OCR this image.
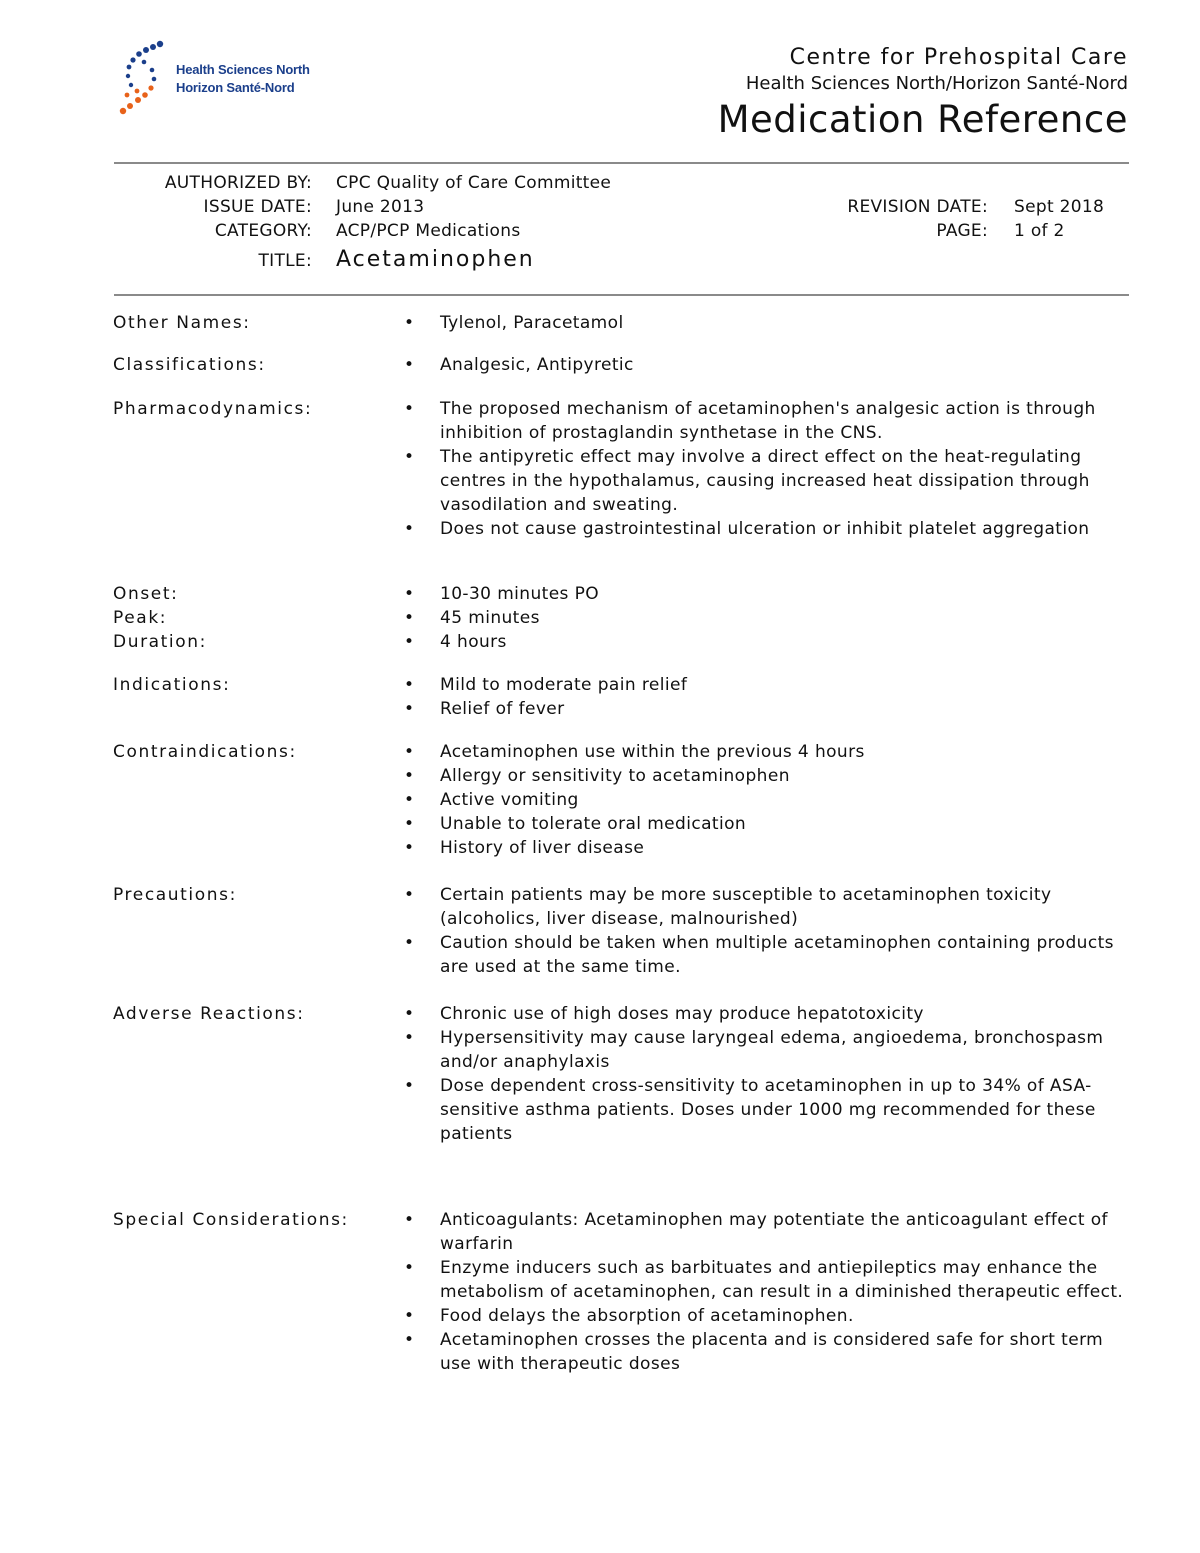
Health Sciences North
Horizon Santé-Nord
Centre for Prehospital Care
Health Sciences North/Horizon Santé-Nord
Medication Reference
AUTHORIZED BY: CPC Quality of Care Committee
ISSUE DATE: June 2013	REVISION DATE: Sept 2018
CATEGORY: ACP/PCP Medications	PAGE: 1 of 2
TITLE: Acetaminophen
Other Names:	• Tylenol, Paracetamol
Classifications:	• Analgesic, Antipyretic
Pharmacodynamics:	• The proposed mechanism of acetaminophen's analgesic action is through inhibition of prostaglandin synthetase in the CNS.
• The antipyretic effect may involve a direct effect on the heat-regulating centres in the hypothalamus, causing increased heat dissipation through vasodilation and sweating.
• Does not cause gastrointestinal ulceration or inhibit platelet aggregation
Onset:	• 10-30 minutes PO
Peak:	• 45 minutes
Duration:	• 4 hours
Indications:	• Mild to moderate pain relief
• Relief of fever
Contraindications:	• Acetaminophen use within the previous 4 hours
• Allergy or sensitivity to acetaminophen
• Active vomiting
• Unable to tolerate oral medication
• History of liver disease
Precautions:	• Certain patients may be more susceptible to acetaminophen toxicity (alcoholics, liver disease, malnourished)
• Caution should be taken when multiple acetaminophen containing products are used at the same time.
Adverse Reactions:	• Chronic use of high doses may produce hepatotoxicity
• Hypersensitivity may cause laryngeal edema, angioedema, bronchospasm and/or anaphylaxis
• Dose dependent cross-sensitivity to acetaminophen in up to 34% of ASA-sensitive asthma patients. Doses under 1000 mg recommended for these patients
Special Considerations:	• Anticoagulants: Acetaminophen may potentiate the anticoagulant effect of warfarin
• Enzyme inducers such as barbituates and antiepileptics may enhance the metabolism of acetaminophen, can result in a diminished therapeutic effect.
• Food delays the absorption of acetaminophen.
• Acetaminophen crosses the placenta and is considered safe for short term use with therapeutic doses
